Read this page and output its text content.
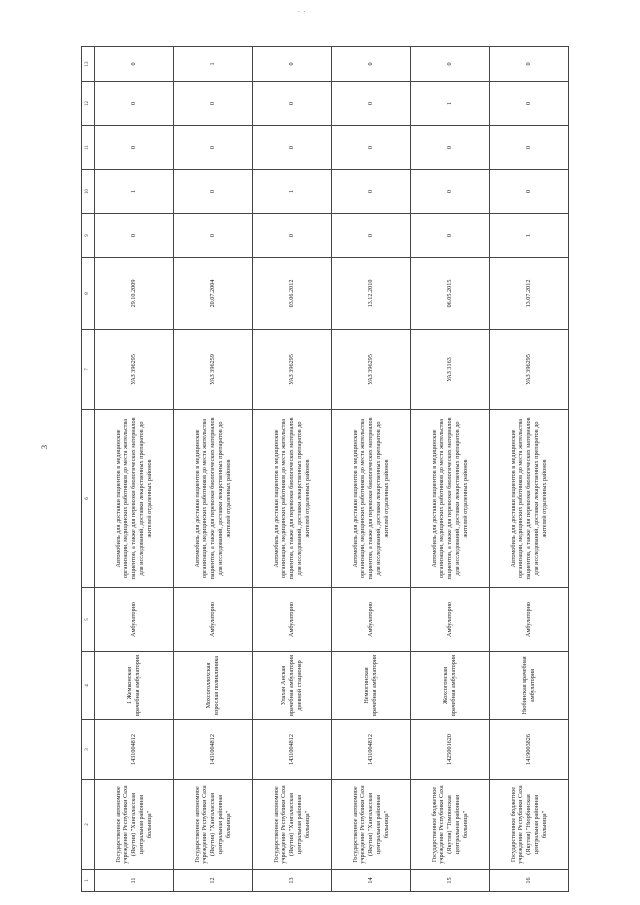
. .
3
1	2	3	4	5	6	7	8	9	10	11	12	13
11	Государственное автономное учреждение Республики Саха (Якутия) "Хангаласская центральная районная больница"	1431004812	1 Жемконская врачебная амбулатория	Амбулаторно	Автомобиль для доставки пациентов в медицинские организации, медицинских работников до места жительства пациентов, а также для перевозки биологических материалов для исследований, доставки лекарственных препаратов до жителей отдаленных районов	УАЗ 396295	29.10.2009	0	1	0	0	0
12	Государственное автономное учреждение Республики Саха (Якутия) "Хангаласская центральная районная больница"	1431004812	Мохсоголлохская взрослая поликлиника	Амбулаторно	Автомобиль для доставки пациентов в медицинские организации, медицинских работников до места жительства пациентов, а также для перевозки биологических материалов для исследований, доставки лекарственных препаратов до жителей отдаленных районов	УАЗ 396259	20.07.2004	0	0	0	0	1
13	Государственное автономное учреждение Республики Саха (Якутия) "Хангаласская центральная районная больница"	1431004812	Улахан Анская врачебная амбулатория дневной стационар	Амбулаторно	Автомобиль для доставки пациентов в медицинские организации, медицинских работников до места жительства пациентов, а также для перевозки биологических материалов для исследований, доставки лекарственных препаратов до жителей отдаленных районов	УАЗ 396295	03.06.2012	0	1	0	0	0
14	Государственное автономное учреждение Республики Саха (Якутия) "Хангаласская центральная районная больница"	1431004812	Немюгинская врачебная амбулатория	Амбулаторно	Автомобиль для доставки пациентов в медицинские организации, медицинских работников до места жительства пациентов, а также для перевозки биологических материалов для исследований, доставки лекарственных препаратов до жителей отдаленных районов	УАЗ 396295	13.12.2010	0	0	0	0	0
15	Государственное бюджетное учреждение Республики Саха (Якутия) "Томпонская центральная районная больница"	1425001620	Жохсогонская врачебная амбулатория	Амбулаторно	Автомобиль для доставки пациентов в медицинские организации, медицинских работников до места жительства пациентов, а также для перевозки биологических материалов для исследований, доставки лекарственных препаратов до жителей отдаленных районов	УАЗ 3163	06.05.2015	0	0	0	1	0
16	Государственное бюджетное учреждение Республики Саха (Якутия) "Нюрбинская центральная районная больница"	1419003826	Нюбинская врачебная амбулатория	Амбулаторно	Автомобиль для доставки пациентов в медицинские организации, медицинских работников до места жительства пациентов, а также для перевозки биологических материалов для исследований, доставки лекарственных препаратов до жителей отдаленных районов	УАЗ 396295	13.07.2012	1	0	0	0	0
